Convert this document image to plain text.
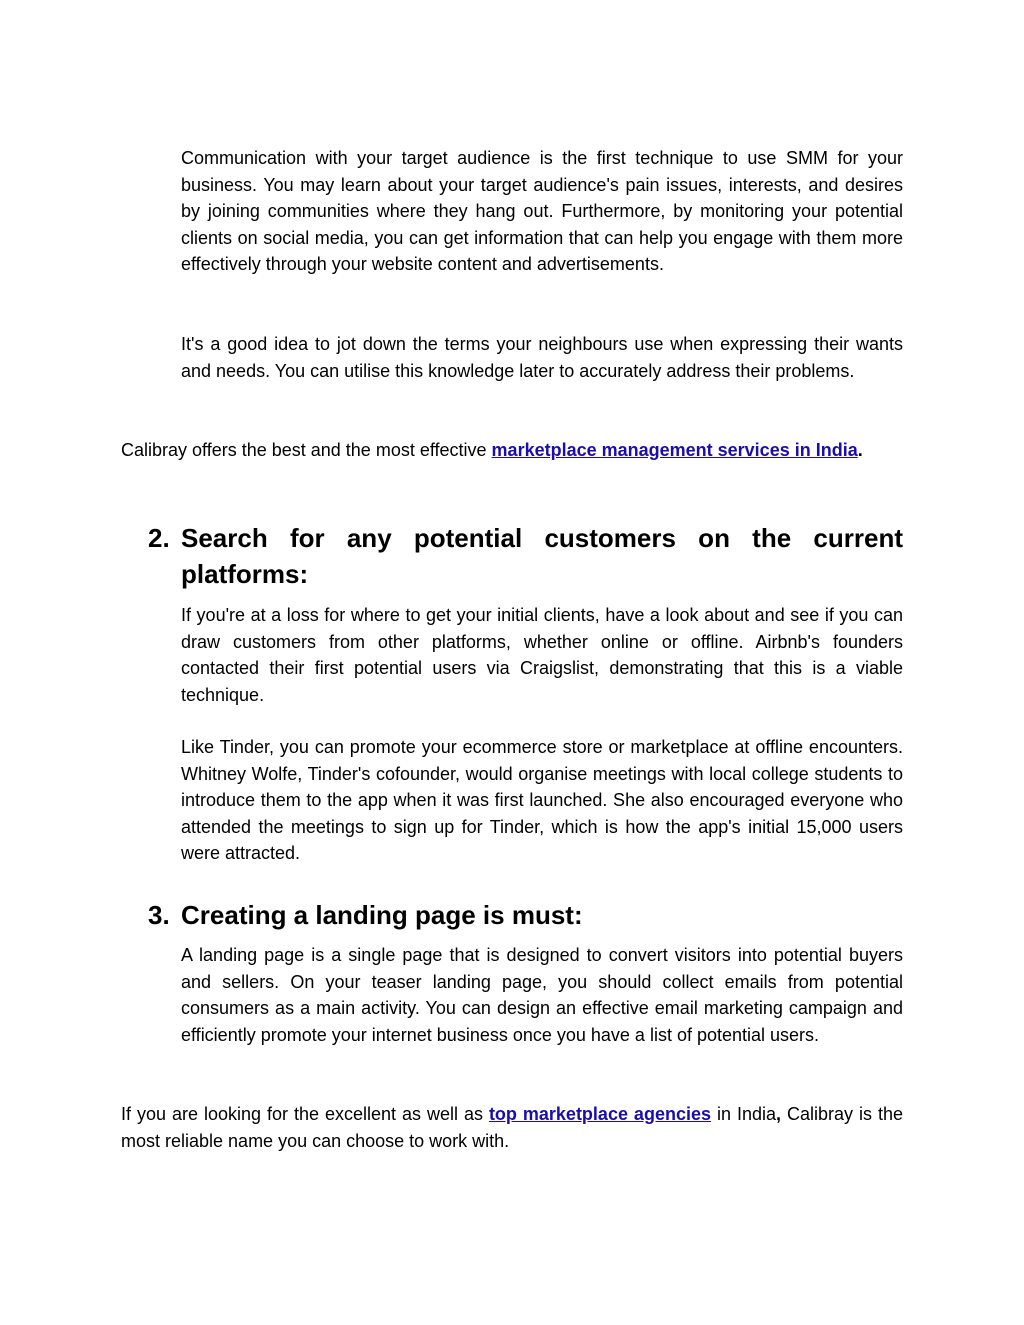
Communication with your target audience is the first technique to use SMM for your business. You may learn about your target audience's pain issues, interests, and desires by joining communities where they hang out. Furthermore, by monitoring your potential clients on social media, you can get information that can help you engage with them more effectively through your website content and advertisements.

It's a good idea to jot down the terms your neighbours use when expressing their wants and needs. You can utilise this knowledge later to accurately address their problems.

Calibray offers the best and the most effective marketplace management services in India.

2. Search for any potential customers on the current platforms:

If you're at a loss for where to get your initial clients, have a look about and see if you can draw customers from other platforms, whether online or offline. Airbnb's founders contacted their first potential users via Craigslist, demonstrating that this is a viable technique.

Like Tinder, you can promote your ecommerce store or marketplace at offline encounters. Whitney Wolfe, Tinder's cofounder, would organise meetings with local college students to introduce them to the app when it was first launched. She also encouraged everyone who attended the meetings to sign up for Tinder, which is how the app's initial 15,000 users were attracted.

3. Creating a landing page is must:

A landing page is a single page that is designed to convert visitors into potential buyers and sellers. On your teaser landing page, you should collect emails from potential consumers as a main activity. You can design an effective email marketing campaign and efficiently promote your internet business once you have a list of potential users.

If you are looking for the excellent as well as top marketplace agencies in India, Calibray is the most reliable name you can choose to work with.
